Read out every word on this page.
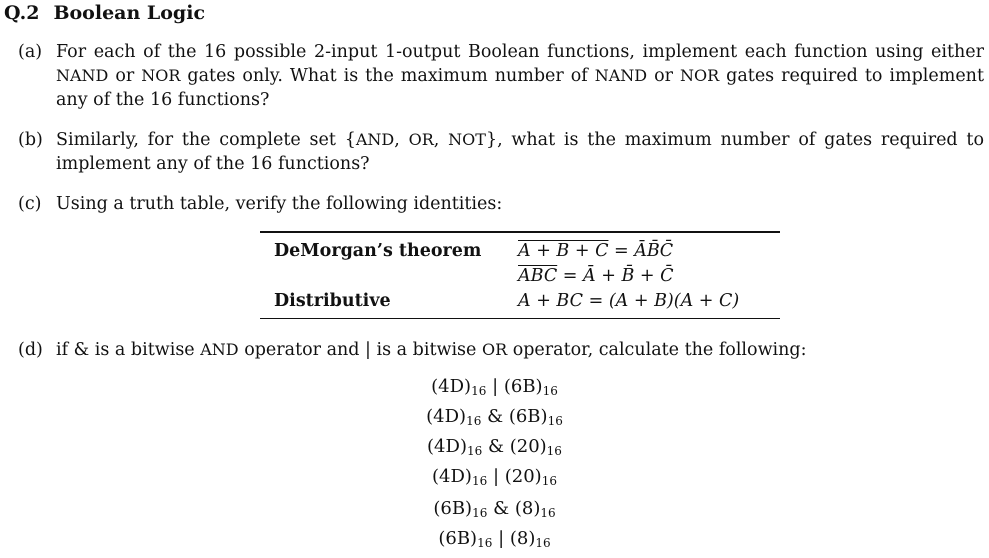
Q.2 Boolean Logic
(a) For each of the 16 possible 2-input 1-output Boolean functions, implement each function using either NAND or NOR gates only. What is the maximum number of NAND or NOR gates required to implement any of the 16 functions?
(b) Similarly, for the complete set {AND, OR, NOT}, what is the maximum number of gates required to implement any of the 16 functions?
(c) Using a truth table, verify the following identities:
DeMorgan’s theorem A + B + C = ĀB̄C̄
$\overline{ABC}$ = Ā + B̄ + C̄
Distributive	A + BC = (A + B)(A + C)
(d) if & is a bitwise AND operator and | is a bitwise OR operator, calculate the following:
$(4D)_{16}$ | $(6B)_{16}$
$(4D)_{16}$ & $(6B)_{16}$
$(4D)_{16}$ & $(20)_{16}$
$(4D)_{16}$ | $(20)_{16}$
$(6B)_{16}$ & $(8)_{16}$
$(6B)_{16}$ | $(8)_{16}$
